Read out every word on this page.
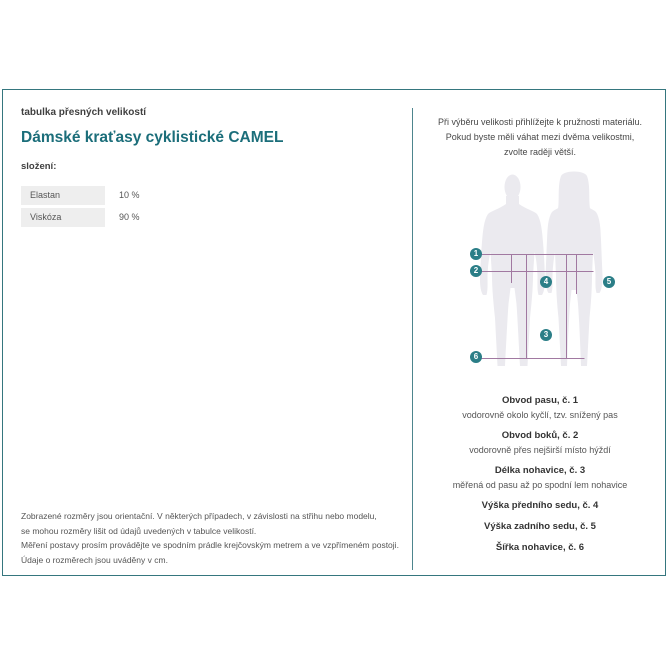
tabulka přesných velikostí
Dámské kraťasy cyklistické CAMEL
složení:
Elastan	10 %
Viskóza	90 %
Zobrazené rozměry jsou orientační. V některých případech, v závislosti na střihu nebo modelu,
se mohou rozměry lišit od údajů uvedených v tabulce velikostí.
Měření postavy prosím provádějte ve spodním prádle krejčovským metrem a ve vzpřímeném postoji.
Údaje o rozměrech jsou uváděny v cm.
Při výběru velikosti přihlížejte k pružnosti materiálu.
Pokud byste měli váhat mezi dvěma velikostmi,
zvolte raději větší.
1
2
3
4	5
6
Obvod pasu, č. 1
vodorovně okolo kyčlí, tzv. snížený pas
Obvod boků, č. 2
vodorovně přes nejširší místo hýždí
Délka nohavice, č. 3
měřená od pasu až po spodní lem nohavice
Výška předního sedu, č. 4
Výška zadního sedu, č. 5
Šířka nohavice, č. 6
